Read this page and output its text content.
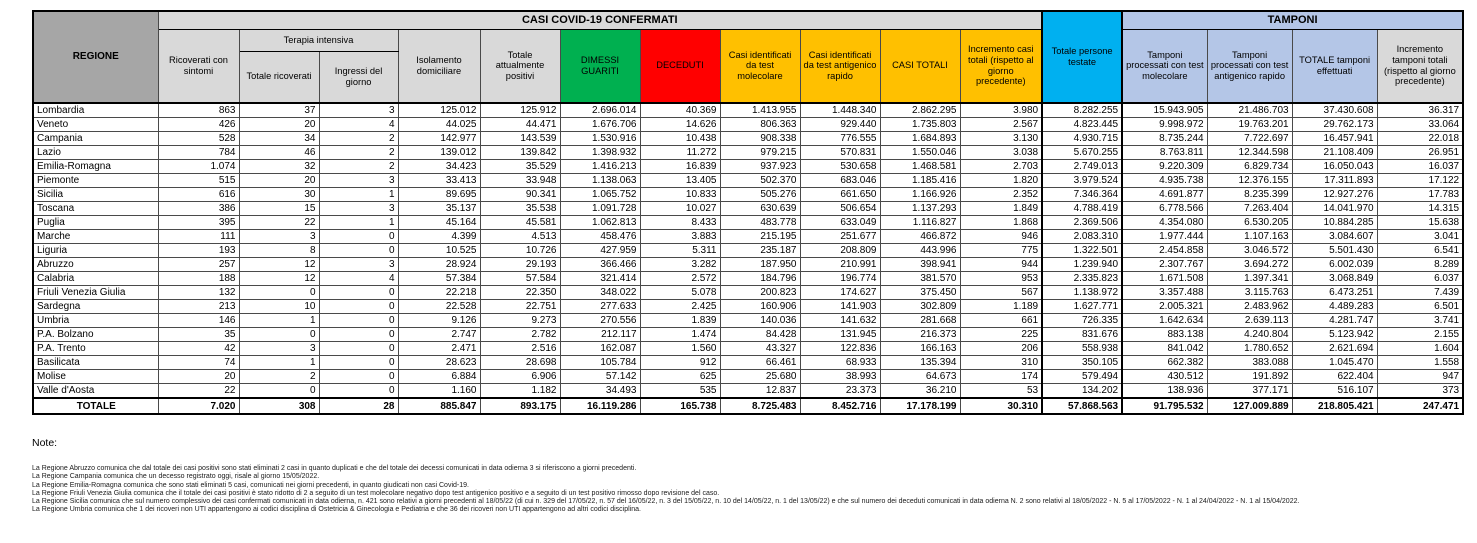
REGIONE	CASI COVID-19 CONFERMATI											Totale persone testate	TAMPONI			
	Ricoverati con sintomi	Terapia intensiva		Isolamento domiciliare	Totale attualmente positivi	DIMESSI GUARITI	DECEDUTI	Casi identificati da test molecolare	Casi identificati da test antigenico rapido	CASI TOTALI	Incremento casi totali (rispetto al giorno precedente)		Tamponi processati con test molecolare	Tamponi processati con test antigenico rapido	TOTALE tamponi effettuati	Incremento tamponi totali (rispetto al giorno precedente)
		Totale ricoverati	Ingressi del giorno													
Lombardia	863	37	3	125.012	125.912	2.696.014	40.369	1.413.955	1.448.340	2.862.295	3.980	8.282.255	15.943.905	21.486.703	37.430.608	36.317
Veneto	426	20	4	44.025	44.471	1.676.706	14.626	806.363	929.440	1.735.803	2.567	4.823.445	9.998.972	19.763.201	29.762.173	33.064
Campania	528	34	2	142.977	143.539	1.530.916	10.438	908.338	776.555	1.684.893	3.130	4.930.715	8.735.244	7.722.697	16.457.941	22.018
Lazio	784	46	2	139.012	139.842	1.398.932	11.272	979.215	570.831	1.550.046	3.038	5.670.255	8.763.811	12.344.598	21.108.409	26.951
Emilia-Romagna	1.074	32	2	34.423	35.529	1.416.213	16.839	937.923	530.658	1.468.581	2.703	2.749.013	9.220.309	6.829.734	16.050.043	16.037
Piemonte	515	20	3	33.413	33.948	1.138.063	13.405	502.370	683.046	1.185.416	1.820	3.979.524	4.935.738	12.376.155	17.311.893	17.122
Sicilia	616	30	1	89.695	90.341	1.065.752	10.833	505.276	661.650	1.166.926	2.352	7.346.364	4.691.877	8.235.399	12.927.276	17.783
Toscana	386	15	3	35.137	35.538	1.091.728	10.027	630.639	506.654	1.137.293	1.849	4.788.419	6.778.566	7.263.404	14.041.970	14.315
Puglia	395	22	1	45.164	45.581	1.062.813	8.433	483.778	633.049	1.116.827	1.868	2.369.506	4.354.080	6.530.205	10.884.285	15.638
Marche	111	3	0	4.399	4.513	458.476	3.883	215.195	251.677	466.872	946	2.083.310	1.977.444	1.107.163	3.084.607	3.041
Liguria	193	8	0	10.525	10.726	427.959	5.311	235.187	208.809	443.996	775	1.322.501	2.454.858	3.046.572	5.501.430	6.541
Abruzzo	257	12	3	28.924	29.193	366.466	3.282	187.950	210.991	398.941	944	1.239.940	2.307.767	3.694.272	6.002.039	8.289
Calabria	188	12	4	57.384	57.584	321.414	2.572	184.796	196.774	381.570	953	2.335.823	1.671.508	1.397.341	3.068.849	6.037
Friuli Venezia Giulia	132	0	0	22.218	22.350	348.022	5.078	200.823	174.627	375.450	567	1.138.972	3.357.488	3.115.763	6.473.251	7.439
Sardegna	213	10	0	22.528	22.751	277.633	2.425	160.906	141.903	302.809	1.189	1.627.771	2.005.321	2.483.962	4.489.283	6.501
Umbria	146	1	0	9.126	9.273	270.556	1.839	140.036	141.632	281.668	661	726.335	1.642.634	2.639.113	4.281.747	3.741
P.A. Bolzano	35	0	0	2.747	2.782	212.117	1.474	84.428	131.945	216.373	225	831.676	883.138	4.240.804	5.123.942	2.155
P.A. Trento	42	3	0	2.471	2.516	162.087	1.560	43.327	122.836	166.163	206	558.938	841.042	1.780.652	2.621.694	1.604
Basilicata	74	1	0	28.623	28.698	105.784	912	66.461	68.933	135.394	310	350.105	662.382	383.088	1.045.470	1.558
Molise	20	2	0	6.884	6.906	57.142	625	25.680	38.993	64.673	174	579.494	430.512	191.892	622.404	947
Valle d'Aosta	22	0	0	1.160	1.182	34.493	535	12.837	23.373	36.210	53	134.202	138.936	377.171	516.107	373
TOTALE	7.020	308	28	885.847	893.175	16.119.286	165.738	8.725.483	8.452.716	17.178.199	30.310	57.868.563	91.795.532	127.009.889	218.805.421	247.471
Note:
La Regione Abruzzo comunica che dal totale dei casi positivi sono stati eliminati 2 casi in quanto duplicati e che del totale dei decessi comunicati in data odierna 3 si riferiscono a giorni precedenti.
La Regione Campania comunica che un decesso registrato oggi, risale al giorno 15/05/2022.
La Regione Emilia-Romagna comunica che sono stati eliminati 5 casi, comunicati nei giorni precedenti, in quanto giudicati non casi Covid-19.
La Regione Friuli Venezia Giulia comunica che il totale dei casi positivi è stato ridotto di 2 a seguito di un test molecolare negativo dopo test antigenico positivo e a seguito di un test positivo rimosso dopo revisione del caso.
La Regione Sicilia comunica che sul numero complessivo dei casi confermati comunicati in data odierna, n. 421 sono relativi a giorni precedenti al 18/05/22 (di cui n. 329 del 17/05/22, n. 57 del 16/05/22, n. 3 del 15/05/22, n. 10 del 14/05/22, n. 1 del 13/05/22) e che sul numero dei deceduti comunicati in data odierna N. 2 sono relativi al 18/05/2022 - N. 5 al 17/05/2022 - N. 1 al 24/04/2022 - N. 1 al 15/04/2022.
La Regione Umbria comunica che 1 dei ricoveri non UTI appartengono ai codici disciplina di Ostetricia & Ginecologia e Pediatria e che 36 dei ricoveri non UTI appartengono ad altri codici disciplina.
